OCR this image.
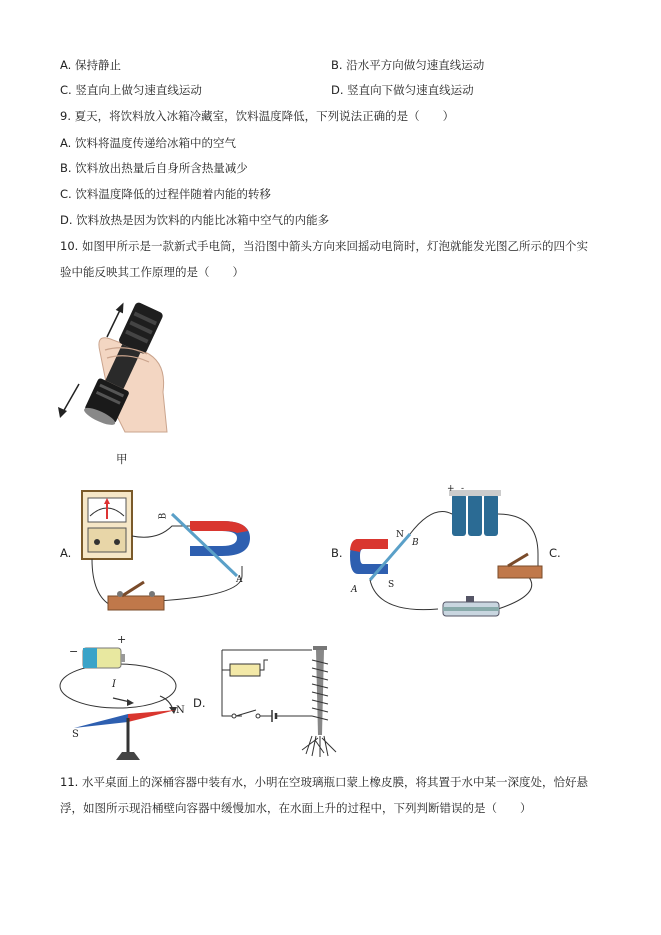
A. 保持静止	B. 沿水平方向做匀速直线运动
C. 竖直向上做匀速直线运动	D. 竖直向下做匀速直线运动
9. 夏天，将饮料放入冰箱冷藏室，饮料温度降低，下列说法正确的是（　　）
A. 饮料将温度传递给冰箱中的空气
B. 饮料放出热量后自身所含热量减少
C. 饮料温度降低的过程伴随着内能的转移
D. 饮料放热是因为饮料的内能比冰箱中空气的内能多
10. 如图甲所示是一款新式手电筒，当沿图中箭头方向来回摇动电筒时，灯泡就能发光图乙所示的四个实
验中能反映其工作原理的是（　　）
甲
A.
B
A
B.
N
B
S
A
+ -
C.
−
+
I
S
N
D.
11. 水平桌面上的深桶容器中装有水，小明在空玻璃瓶口蒙上橡皮膜，将其置于水中某一深度处，恰好悬
浮，如图所示现沿桶壁向容器中缓慢加水，在水面上升的过程中，下列判断错误的是（　　）
